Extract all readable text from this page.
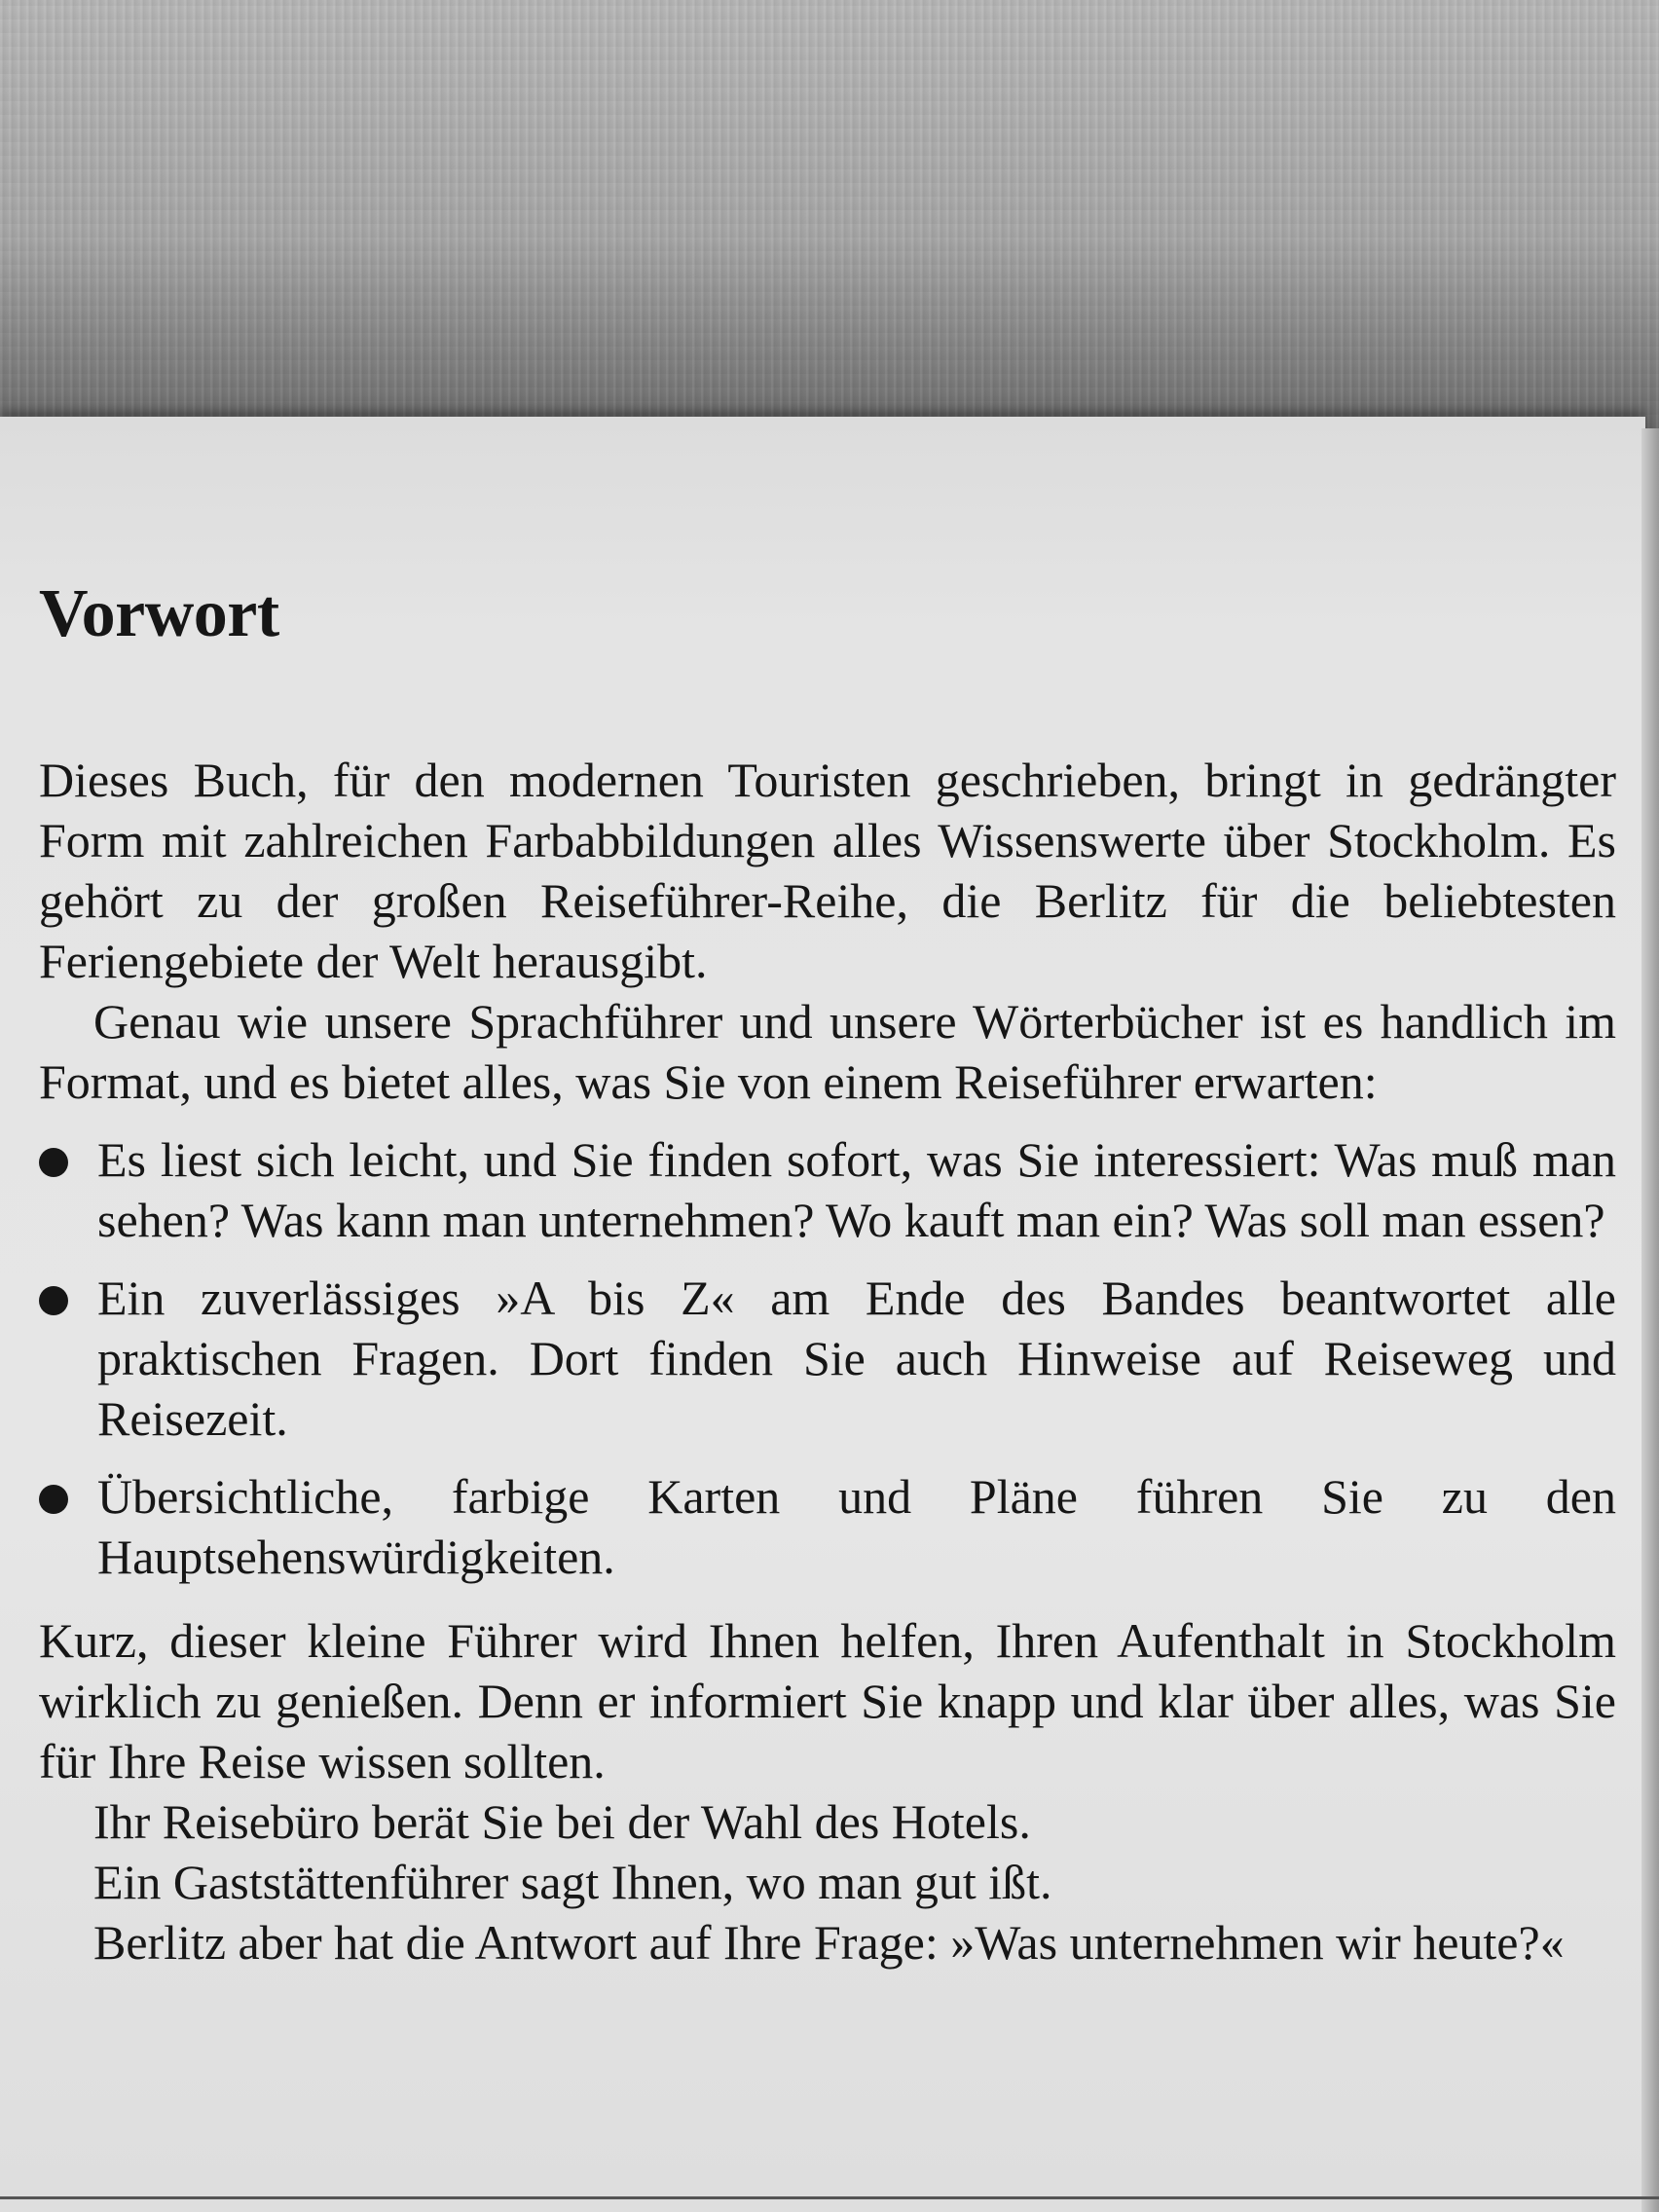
Vorwort

Dieses Buch, für den modernen Touristen geschrieben, bringt in gedrängter Form mit zahlreichen Farbabbildungen alles Wissenswerte über Stockholm. Es gehört zu der großen Reiseführer-Reihe, die Berlitz für die beliebtesten Feriengebiete der Welt herausgibt.

Genau wie unsere Sprachführer und unsere Wörterbücher ist es handlich im Format, und es bietet alles, was Sie von einem Reiseführer erwarten:

Es liest sich leicht, und Sie finden sofort, was Sie interessiert: Was muß man sehen? Was kann man unternehmen? Wo kauft man ein? Was soll man essen?
Ein zuverlässiges »A bis Z« am Ende des Bandes beantwortet alle praktischen Fragen. Dort finden Sie auch Hinweise auf Reiseweg und Reisezeit.
Übersichtliche, farbige Karten und Pläne führen Sie zu den Hauptsehenswürdigkeiten.

Kurz, dieser kleine Führer wird Ihnen helfen, Ihren Aufenthalt in Stockholm wirklich zu genießen. Denn er informiert Sie knapp und klar über alles, was Sie für Ihre Reise wissen sollten.

Ihr Reisebüro berät Sie bei der Wahl des Hotels.

Ein Gaststättenführer sagt Ihnen, wo man gut ißt.

Berlitz aber hat die Antwort auf Ihre Frage: »Was unternehmen wir heute?«
